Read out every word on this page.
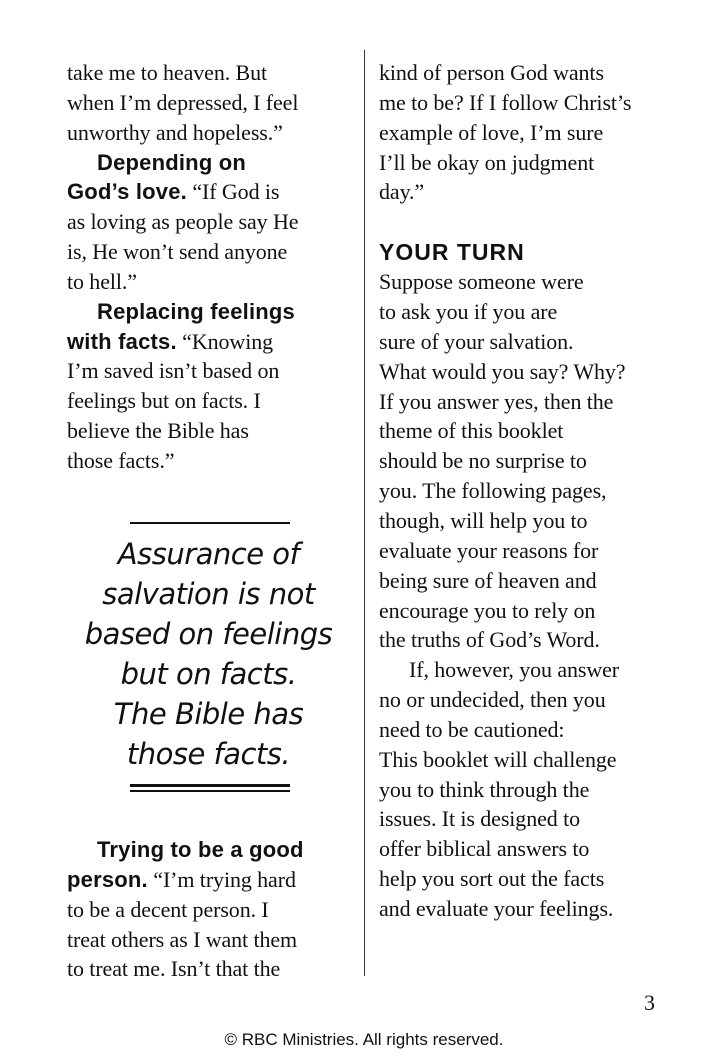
take me to heaven. But
when I’m depressed, I feel
unworthy and hopeless.”
Depending on
God’s love. “If God is
as loving as people say He
is, He won’t send anyone
to hell.”
Replacing feelings
with facts. “Knowing
I’m saved isn’t based on
feelings but on facts. I
believe the Bible has
those facts.”
Assurance of
salvation is not
based on feelings
but on facts.
The Bible has
those facts.
Trying to be a good
person. “I’m trying hard
to be a decent person. I
treat others as I want them
to treat me. Isn’t that the
kind of person God wants
me to be? If I follow Christ’s
example of love, I’m sure
I’ll be okay on judgment
day.”
YOUR TURN
Suppose someone were
to ask you if you are
sure of your salvation.
What would you say? Why?
If you answer yes, then the
theme of this booklet
should be no surprise to
you. The following pages,
though, will help you to
evaluate your reasons for
being sure of heaven and
encourage you to rely on
the truths of God’s Word.
If, however, you answer
no or undecided, then you
need to be cautioned:
This booklet will challenge
you to think through the
issues. It is designed to
offer biblical answers to
help you sort out the facts
and evaluate your feelings.
3
© RBC Ministries. All rights reserved.
